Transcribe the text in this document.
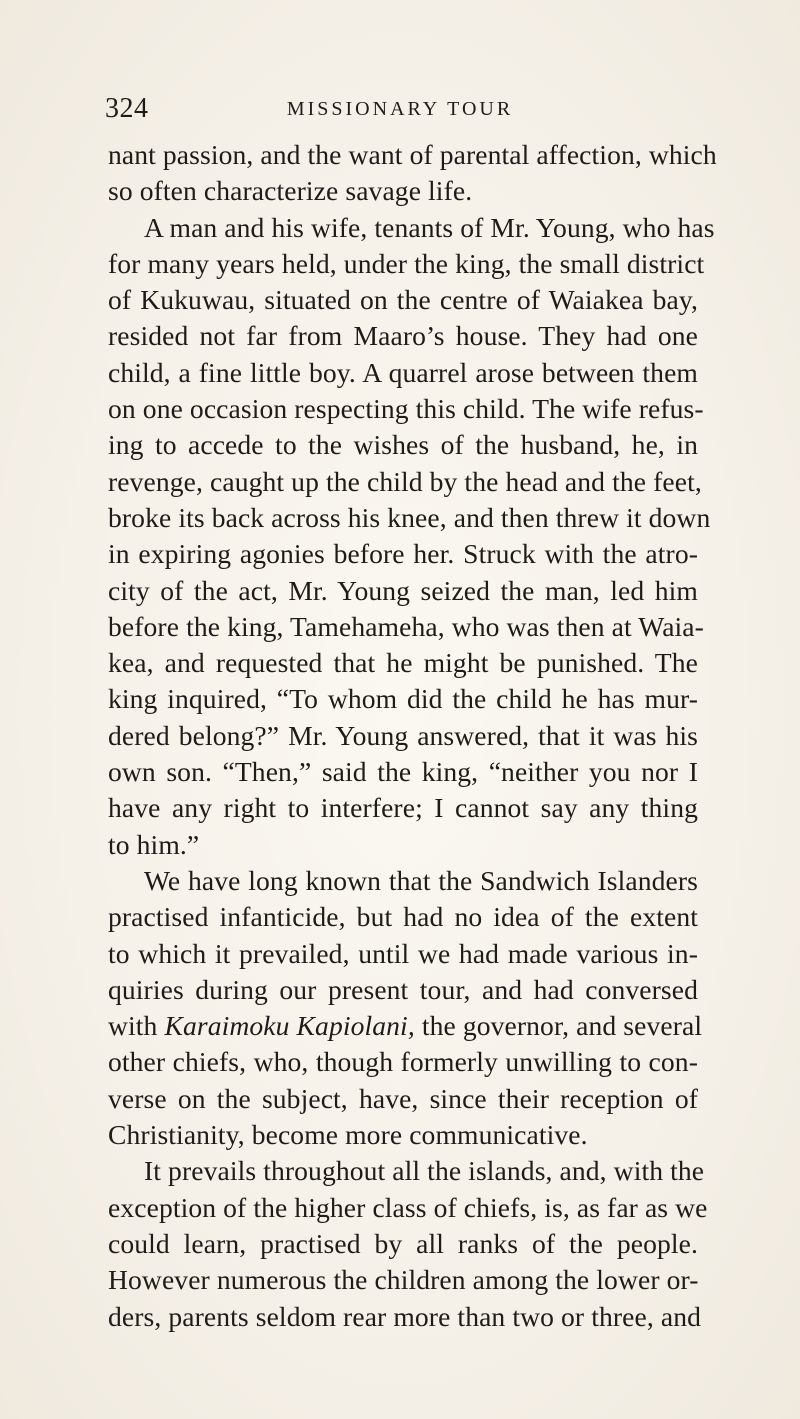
324	MISSIONARY TOUR
nant passion, and the want of parental affection, which
so often characterize savage life.
A man and his wife, tenants of Mr. Young, who has
for many years held, under the king, the small district
of Kukuwau, situated on the centre of Waiakea bay,
resided not far from Maaro’s house. They had one
child, a fine little boy. A quarrel arose between them
on one occasion respecting this child. The wife refus-
ing to accede to the wishes of the husband, he, in
revenge, caught up the child by the head and the feet,
broke its back across his knee, and then threw it down
in expiring agonies before her. Struck with the atro-
city of the act, Mr. Young seized the man, led him
before the king, Tamehameha, who was then at Waia-
kea, and requested that he might be punished. The
king inquired, “To whom did the child he has mur-
dered belong?” Mr. Young answered, that it was his
own son. “Then,” said the king, “neither you nor I
have any right to interfere; I cannot say any thing
to him.”
We have long known that the Sandwich Islanders
practised infanticide, but had no idea of the extent
to which it prevailed, until we had made various in-
quiries during our present tour, and had conversed
with Karaimoku Kapiolani, the governor, and several
other chiefs, who, though formerly unwilling to con-
verse on the subject, have, since their reception of
Christianity, become more communicative.
It prevails throughout all the islands, and, with the
exception of the higher class of chiefs, is, as far as we
could learn, practised by all ranks of the people.
However numerous the children among the lower or-
ders, parents seldom rear more than two or three, and
